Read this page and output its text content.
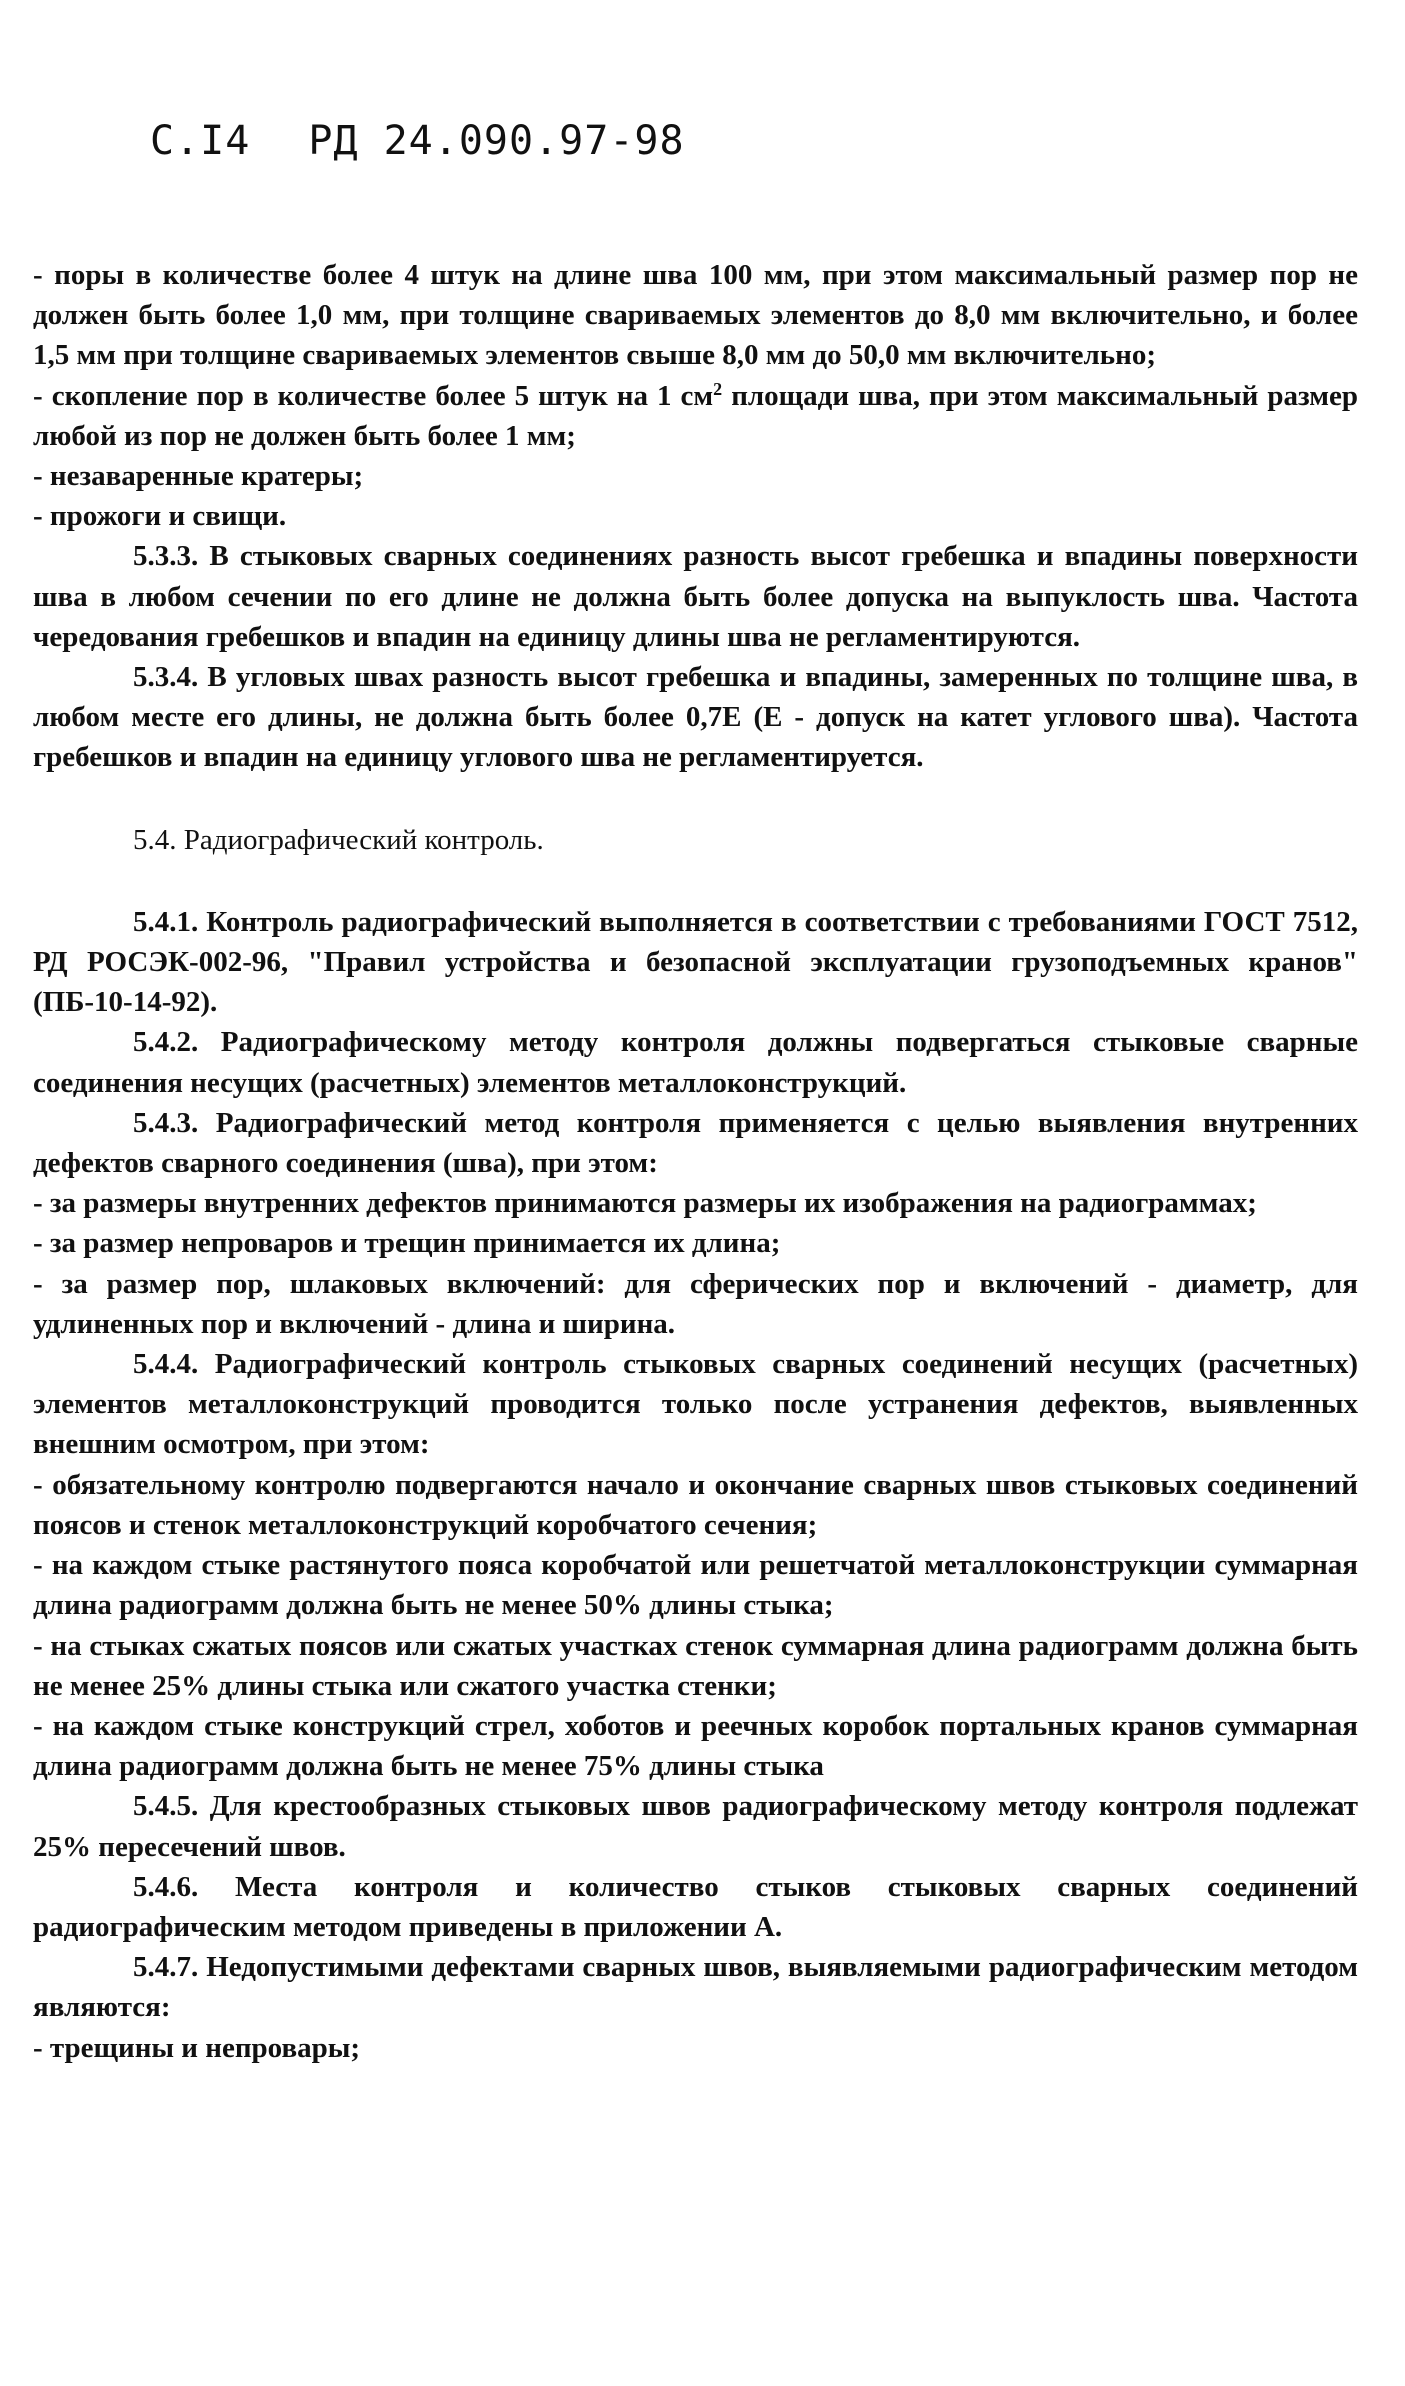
С.I4 РД 24.090.97-98

- поры в количестве более 4 штук на длине шва 100 мм, при этом максимальный размер пор не должен быть более 1,0 мм, при толщине свариваемых элементов до 8,0 мм включительно, и более 1,5 мм при толщине свариваемых элементов свыше 8,0 мм до 50,0 мм включительно;

- скопление пор в количестве более 5 штук на 1 $см^2$ площади шва, при этом максимальный размер любой из пор не должен быть более 1 мм;

- незаваренные кратеры;

- прожоги и свищи.

5.3.3. В стыковых сварных соединениях разность высот гребешка и впадины поверхности шва в любом сечении по его длине не должна быть более допуска на выпуклость шва. Частота чередования гребешков и впадин на единицу длины шва не регламентируются.

5.3.4. В угловых швах разность высот гребешка и впадины, замеренных по толщине шва, в любом месте его длины, не должна быть более 0,7Е (Е - допуск на катет углового шва). Частота гребешков и впадин на единицу углового шва не регламентируется.

5.4. Радиографический контроль.

5.4.1. Контроль радиографический выполняется в соответствии с требованиями ГОСТ 7512, РД РОСЭК-002-96, "Правил устройства и безопасной эксплуатации грузоподъемных кранов"(ПБ-10-14-92).

5.4.2. Радиографическому методу контроля должны подвергаться стыковые сварные соединения несущих (расчетных) элементов металлоконструкций.

5.4.3. Радиографический метод контроля применяется с целью выявления внутренних дефектов сварного соединения (шва), при этом:

- за размеры внутренних дефектов принимаются размеры их изображения на радиограммах;

- за размер непроваров и трещин принимается их длина;

- за размер пор, шлаковых включений: для сферических пор и включений - диаметр, для удлиненных пор и включений - длина и ширина.

5.4.4. Радиографический контроль стыковых сварных соединений несущих (расчетных) элементов металлоконструкций проводится только после устранения дефектов, выявленных внешним осмотром, при этом:

- обязательному контролю подвергаются начало и окончание сварных швов стыковых соединений поясов и стенок металлоконструкций коробчатого сечения;

- на каждом стыке растянутого пояса коробчатой или решетчатой металлоконструкции суммарная длина радиограмм должна быть не менее 50% длины стыка;

- на стыках сжатых поясов или сжатых участках стенок суммарная длина радиограмм должна быть не менее 25% длины стыка или сжатого участка стенки;

- на каждом стыке конструкций стрел, хоботов и реечных коробок портальных кранов суммарная длина радиограмм должна быть не менее 75% длины стыка

5.4.5. Для крестообразных стыковых швов радиографическому методу контроля подлежат 25% пересечений швов.

5.4.6. Места контроля и количество стыков стыковых сварных соединений радиографическим методом приведены в приложении А.

5.4.7. Недопустимыми дефектами сварных швов, выявляемыми радиографическим методом являются:

- трещины и непровары;
